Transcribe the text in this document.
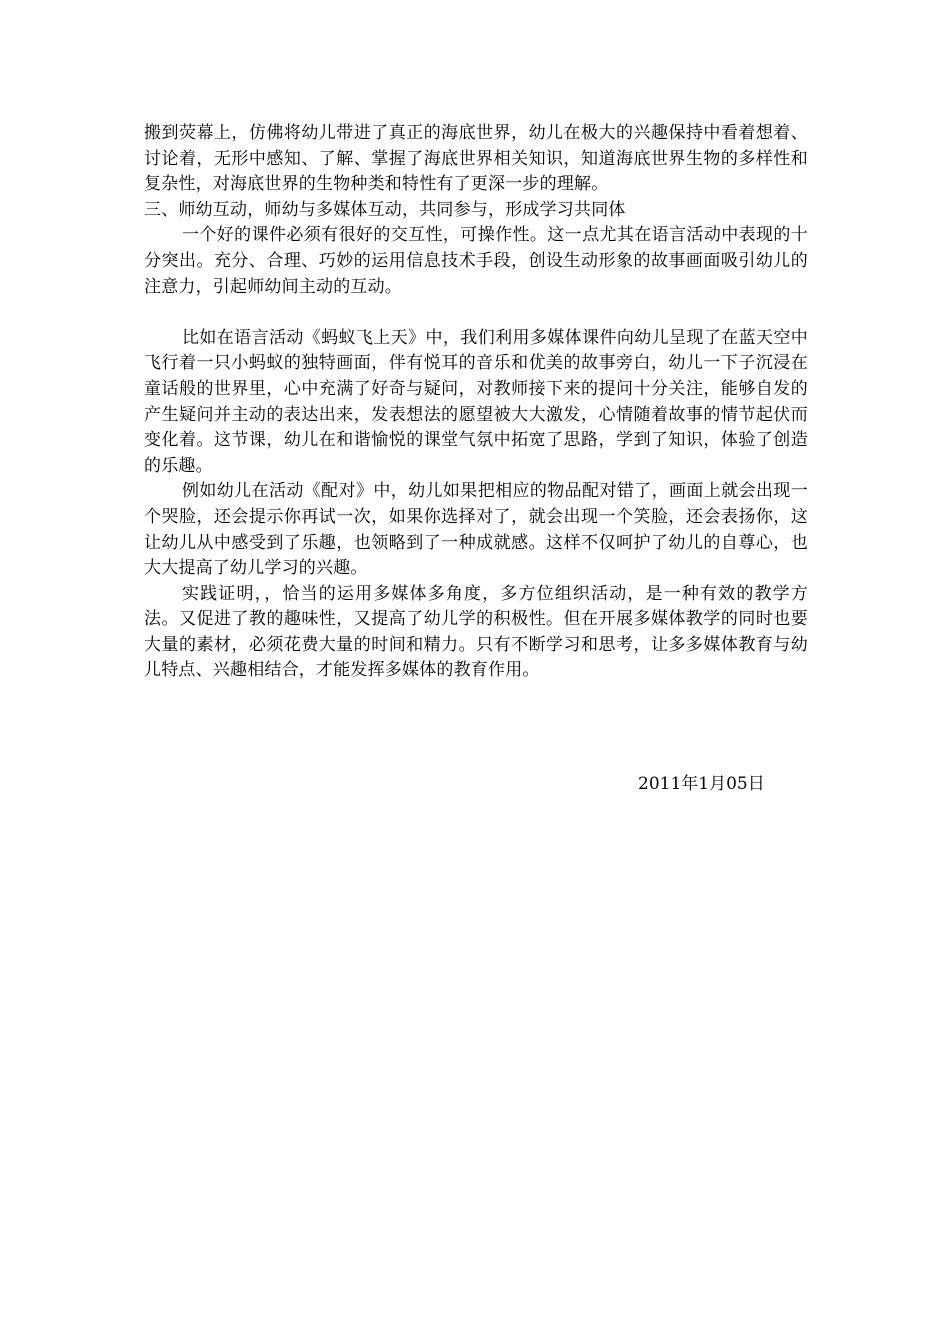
搬到荧幕上，仿佛将幼儿带进了真正的海底世界，幼儿在极大的兴趣保持中看着想着、讨论着，无形中感知、了解、掌握了海底世界相关知识，知道海底世界生物的多样性和复杂性，对海底世界的生物种类和特性有了更深一步的理解。

三、师幼互动，师幼与多媒体互动，共同参与，形成学习共同体

一个好的课件必须有很好的交互性，可操作性。这一点尤其在语言活动中表现的十分突出。充分、合理、巧妙的运用信息技术手段，创设生动形象的故事画面吸引幼儿的注意力，引起师幼间主动的互动。

比如在语言活动《蚂蚁飞上天》中，我们利用多媒体课件向幼儿呈现了在蓝天空中飞行着一只小蚂蚁的独特画面，伴有悦耳的音乐和优美的故事旁白，幼儿一下子沉浸在童话般的世界里，心中充满了好奇与疑问，对教师接下来的提问十分关注，能够自发的产生疑问并主动的表达出来，发表想法的愿望被大大激发，心情随着故事的情节起伏而变化着。这节课，幼儿在和谐愉悦的课堂气氛中拓宽了思路，学到了知识，体验了创造的乐趣。

例如幼儿在活动《配对》中，幼儿如果把相应的物品配对错了，画面上就会出现一个哭脸，还会提示你再试一次，如果你选择对了，就会出现一个笑脸，还会表扬你，这让幼儿从中感受到了乐趣，也领略到了一种成就感。这样不仅呵护了幼儿的自尊心，也大大提高了幼儿学习的兴趣。

实践证明，，恰当的运用多媒体多角度，多方位组织活动，是一种有效的教学方法。又促进了教的趣味性，又提高了幼儿学的积极性。但在开展多媒体教学的同时也要大量的素材，必须花费大量的时间和精力。只有不断学习和思考，让多多媒体教育与幼儿特点、兴趣相结合，才能发挥多媒体的教育作用。

2011年1月05日
